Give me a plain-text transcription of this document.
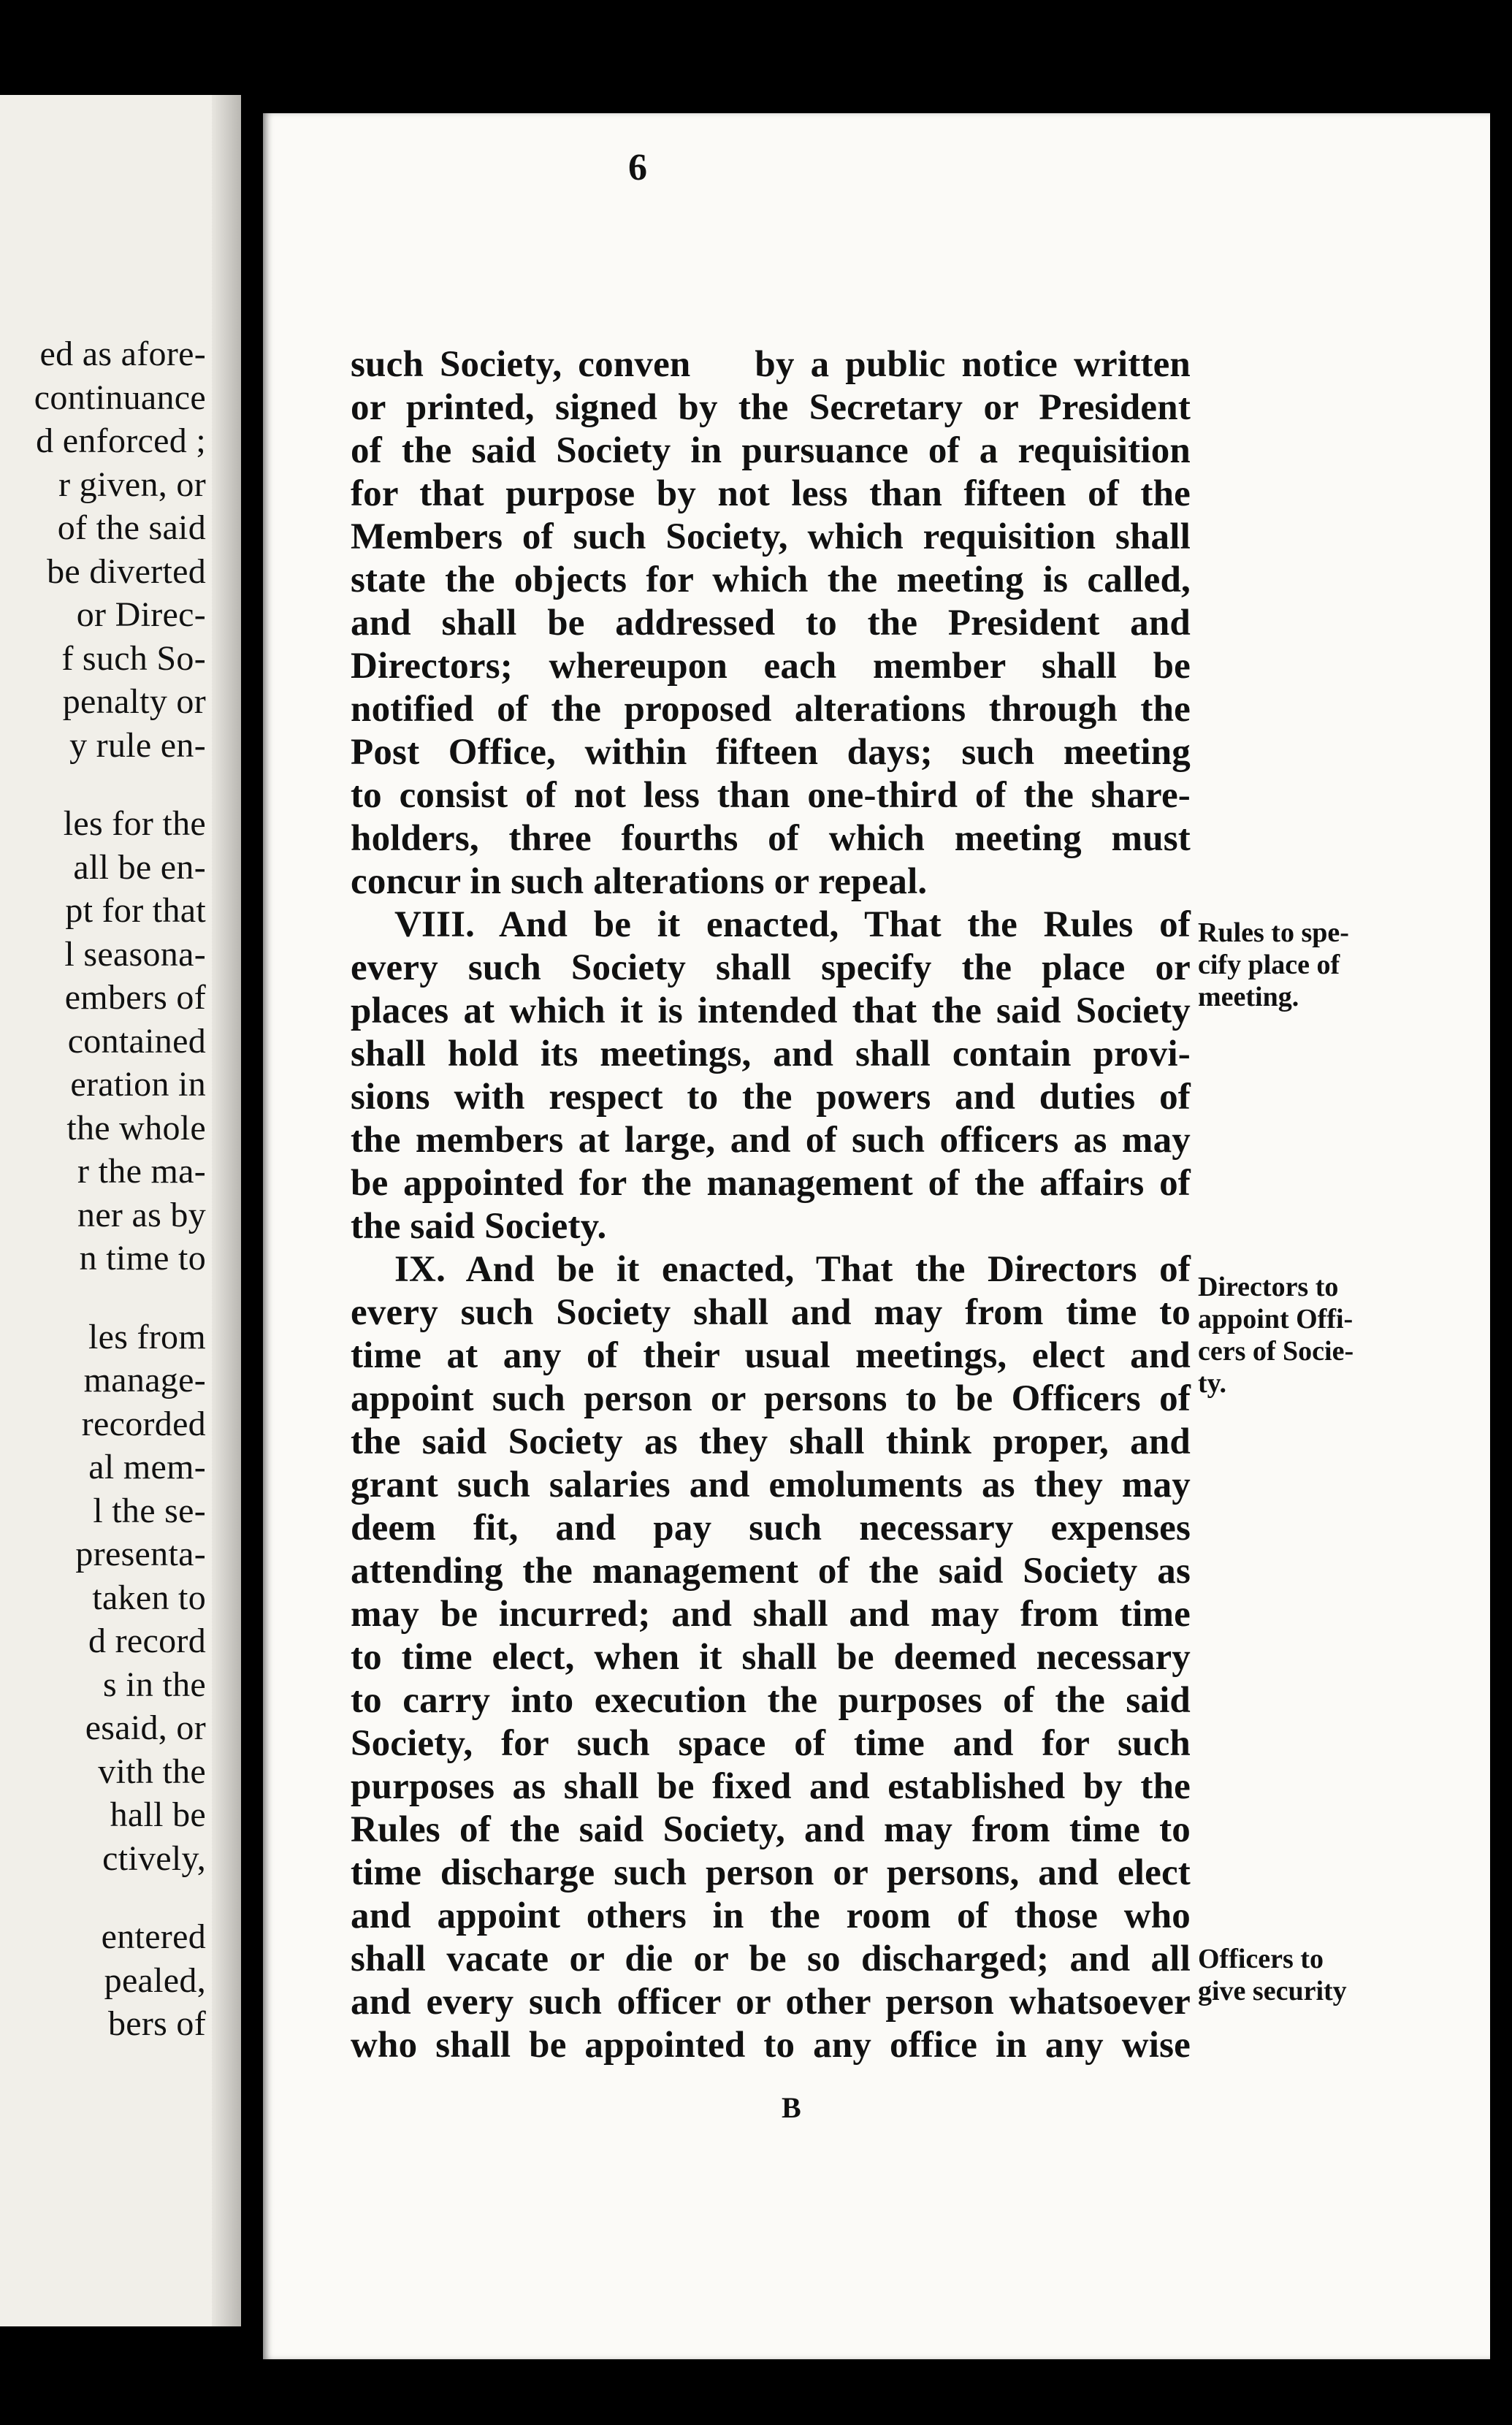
ed as afore-
continuance
d enforced ;
r given, or
of the said
be diverted
or Direc-
f such So-
penalty or
y rule en-
les for the
all be en-
pt for that
l seasona-
embers of
contained
eration in
the whole
r the ma-
ner as by
n time to
les from
manage-
recorded
al mem-
l the se-
presenta-
taken to
d record
s in the
esaid, or
vith the
hall be
ctively,
entered
pealed,
bers of
6
such Society, conven    by a public notice written
or printed, signed by the Secretary or President
of the said Society in pursuance of a requisition
for that purpose by not less than fifteen of the
Members of such Society, which requisition shall
state the objects for which the meeting is called,
and shall be addressed to the President and
Directors; whereupon each member shall be
notified of the proposed alterations through the
Post Office, within fifteen days; such meeting
to consist of not less than one-third of the share-
holders, three fourths of which meeting must
concur in such alterations or repeal.
VIII. And be it enacted, That the Rules of
every such Society shall specify the place or
places at which it is intended that the said Society
shall hold its meetings, and shall contain provi-
sions with respect to the powers and duties of
the members at large, and of such officers as may
be appointed for the management of the affairs of
the said Society.
IX. And be it enacted, That the Directors of
every such Society shall and may from time to
time at any of their usual meetings, elect and
appoint such person or persons to be Officers of
the said Society as they shall think proper, and
grant such salaries and emoluments as they may
deem fit, and pay such necessary expenses
attending the management of the said Society as
may be incurred; and shall and may from time
to time elect, when it shall be deemed necessary
to carry into execution the purposes of the said
Society, for such space of time and for such
purposes as shall be fixed and established by the
Rules of the said Society, and may from time to
time discharge such person or persons, and elect
and appoint others in the room of those who
shall vacate or die or be so discharged; and all
and every such officer or other person whatsoever
who shall be appointed to any office in any wise
Rules to spe-
cify place of
meeting.
Directors to
appoint Offi-
cers of Socie-
ty.
Officers to
give security
B
